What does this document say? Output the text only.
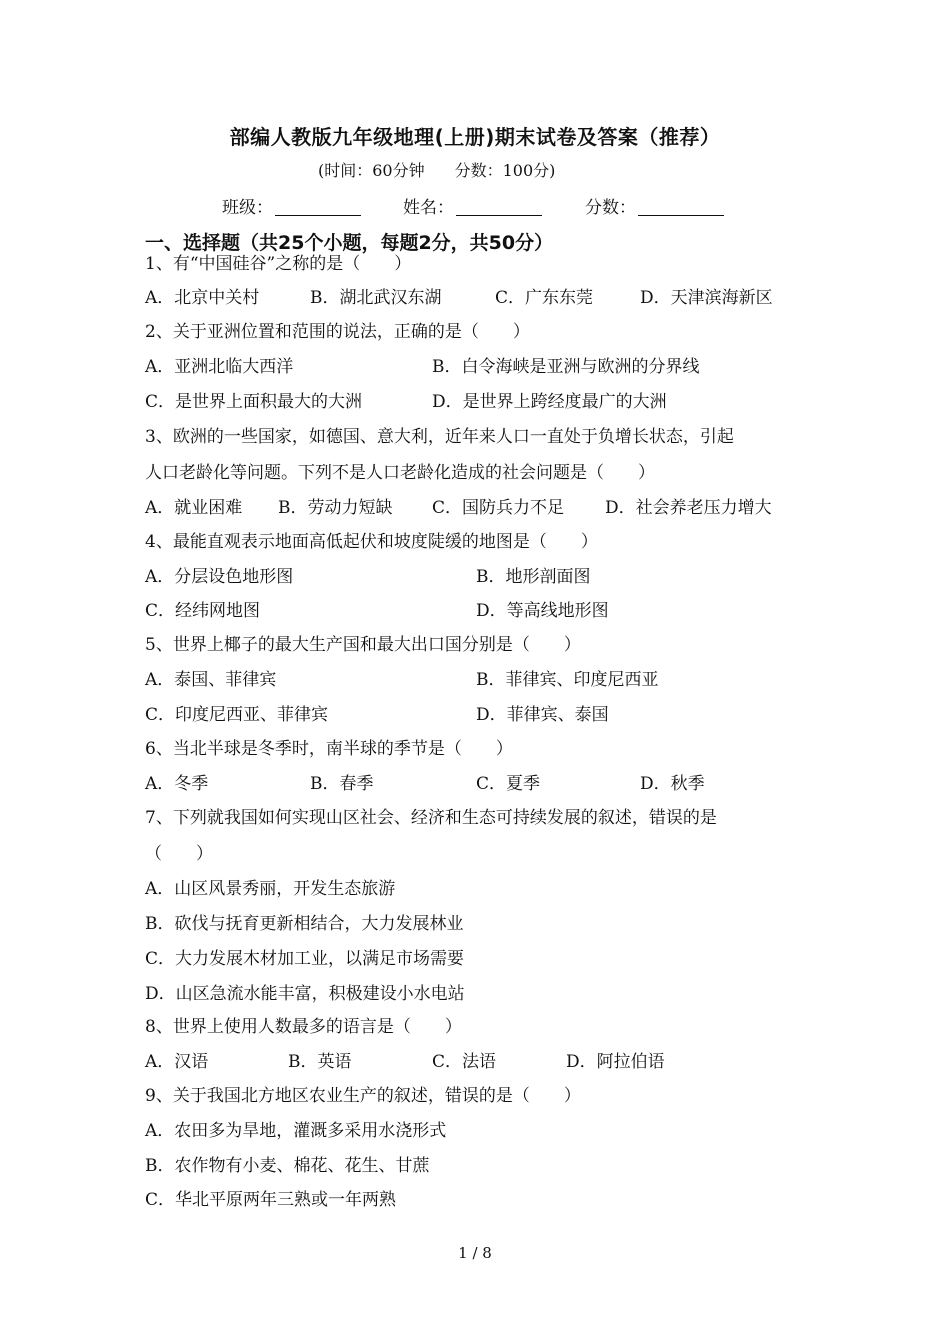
部编人教版九年级地理(上册)期末试卷及答案（推荐）
(时间：60分钟 分数：100分)
班级：	姓名：	分数：
一、选择题（共25个小题，每题2分，共50分）
1、有“中国硅谷”之称的是（　　）
A．北京中关村	B．湖北武汉东湖	C．广东东莞	D．天津滨海新区
2、关于亚洲位置和范围的说法，正确的是（　　）
A．亚洲北临大西洋	B．白令海峡是亚洲与欧洲的分界线
C．是世界上面积最大的大洲	D．是世界上跨经度最广的大洲
3、欧洲的一些国家，如德国、意大利，近年来人口一直处于负增长状态，引起
人口老龄化等问题。下列不是人口老龄化造成的社会问题是（　　）
A．就业困难 B．劳动力短缺 C．国防兵力不足 D．社会养老压力增大
4、最能直观表示地面高低起伏和坡度陡缓的地图是（　　）
A．分层设色地形图	B．地形剖面图
C．经纬网地图	D．等高线地形图
5、世界上椰子的最大生产国和最大出口国分别是（　　）
A．泰国、菲律宾	B．菲律宾、印度尼西亚
C．印度尼西亚、菲律宾	D．菲律宾、泰国
6、当北半球是冬季时，南半球的季节是（　　）
A．冬季	B．春季	C．夏季	D．秋季
7、下列就我国如何实现山区社会、经济和生态可持续发展的叙述，错误的是
（　　）
A．山区风景秀丽，开发生态旅游
B．砍伐与抚育更新相结合，大力发展林业
C．大力发展木材加工业，以满足市场需要
D．山区急流水能丰富，积极建设小水电站
8、世界上使用人数最多的语言是（　　）
A．汉语	B．英语	C．法语	D．阿拉伯语
9、关于我国北方地区农业生产的叙述，错误的是（　　）
A．农田多为旱地，灌溉多采用水浇形式
B．农作物有小麦、棉花、花生、甘蔗
C．华北平原两年三熟或一年两熟
1 / 8
